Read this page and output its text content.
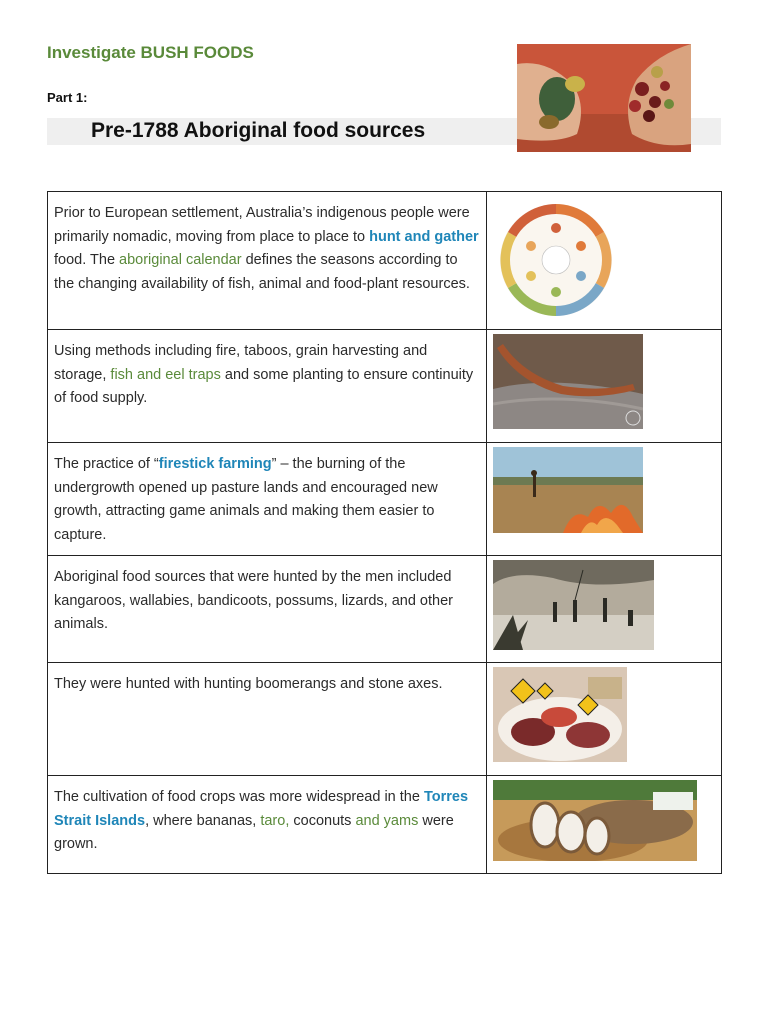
Investigate BUSH FOODS
Part 1:
Pre-1788 Aboriginal food sources
Prior to European settlement, Australia’s indigenous people were primarily nomadic, moving from place to place to hunt and gather food. The aboriginal calendar defines the seasons according to the changing availability of fish, animal and food-plant resources.	
Using methods including fire, taboos, grain harvesting and storage, fish and eel traps and some planting to ensure continuity of food supply.	
The practice of “firestick farming” – the burning of the undergrowth opened up pasture lands and encouraged new growth, attracting game animals and making them easier to capture.	
Aboriginal food sources that were hunted by the men included kangaroos, wallabies, bandicoots, possums, lizards, and other animals.	
They were hunted with hunting boomerangs and stone axes.	
The cultivation of food crops was more widespread in the Torres Strait Islands, where bananas, taro, coconuts and yams were grown.	
